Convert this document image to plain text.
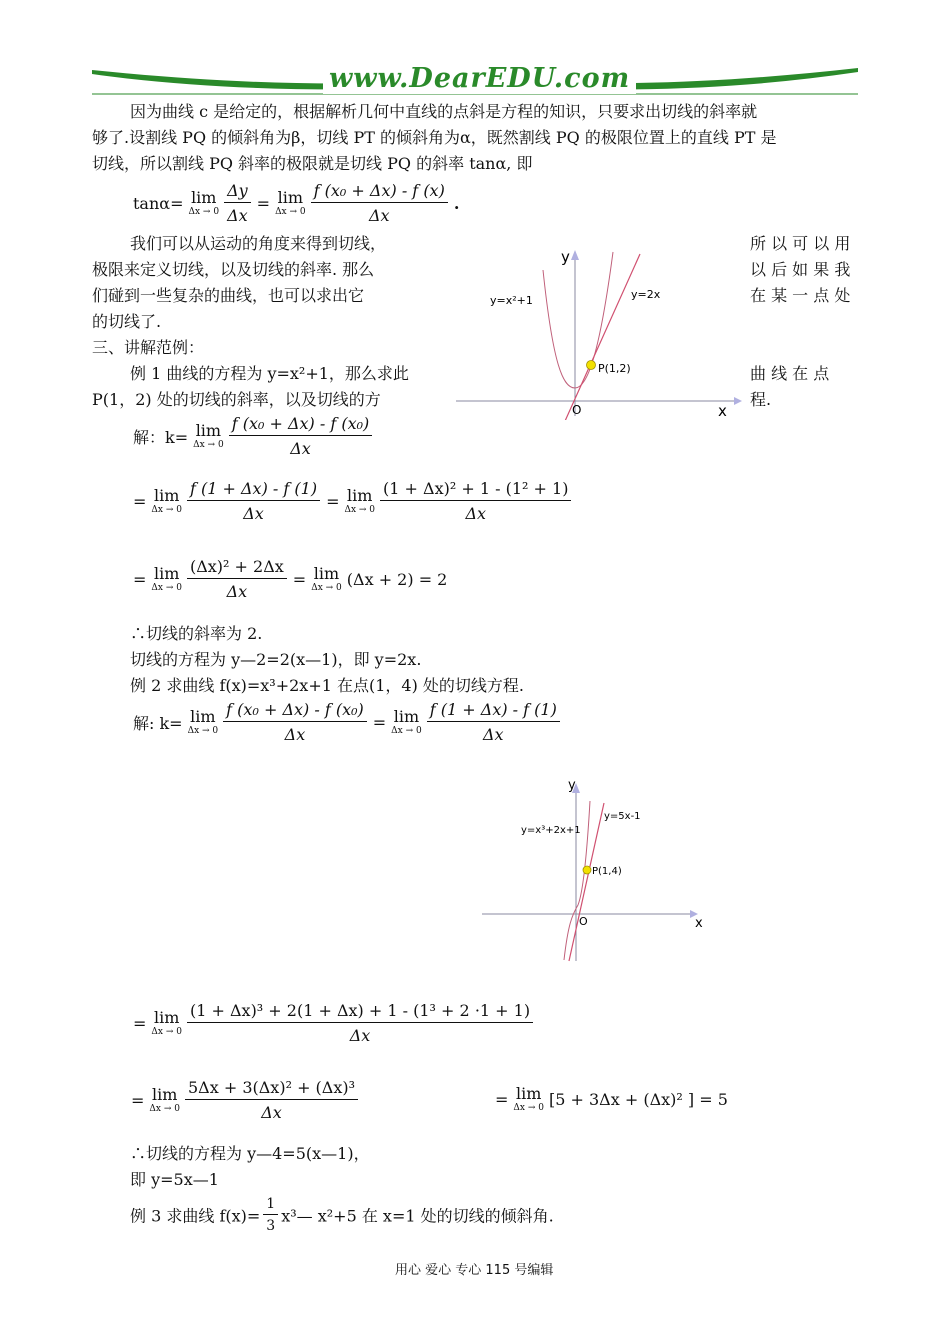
www.DearEDU.com
因为曲线 c 是给定的，根据解析几何中直线的点斜是方程的知识，只要求出切线的斜率就
够了.设割线 PQ 的倾斜角为β，切线 PT 的倾斜角为α，既然割线 PQ 的极限位置上的直线 PT 是
切线，所以割线 PQ 斜率的极限就是切线 PQ 的斜率 tanα, 即
tanα= lim
$\Delta x \to 0 \frac{\Delta y}{\Delta x} = \lim$
$\Delta x \to 0 \frac{\text{f (x₀ + Δx) - f (x)}}{\Delta x}$ .
我们可以从运动的角度来得到切线，
极限来定义切线，以及切线的斜率. 那么
们碰到一些复杂的曲线，也可以求出它
的切线了.
所 以 可 以 用
以 后 如 果 我
在 某 一 点 处
三、讲解范例：
例 1 曲线的方程为 y=x²+1，那么求此
P(1，2) 处的切线的斜率，以及切线的方
曲 线 在 点
程.
y
x
O
y=x²+1	y=2x
P(1,2)
解：k= lim
$\Delta x \to 0 \frac{\text{f (x₀ + Δx) - f (x₀)}}{\Delta x}$
= lim
$\Delta x \to 0 \frac{f (1 + \Delta x) - f (1)}{\Delta x} = \lim$
$\Delta x \to 0 \frac{\text{(1 + Δx)² + 1 - (1² + 1)}}{\Delta x}$
= lim
$\Delta x \to 0 \frac{\text{(Δx)² + 2Δx}}{\Delta x} = \lim$
Δx → 0 (Δx + 2) = 2
∴切线的斜率为 2.
切线的方程为 y—2=2(x—1)，即 y=2x.
例 2 求曲线 f(x)=x³+2x+1 在点(1，4) 处的切线方程.
解: k= lim
$\Delta x \to 0 \frac{\text{f (x₀ + Δx) - f (x₀)}}{\Delta x} = \lim$
$\Delta x \to 0 \frac{f (1 + \Delta x) - f (1)}{\Delta x}$
y
x
O
y=x³+2x+1
y=5x-1
P(1,4)
= lim
$\Delta x \to 0 \frac{\text{(1 + Δx)³ + 2(1 + Δx) + 1 - (1³ + 2 ·1 + 1)}}{\Delta x}$
= lim
$\Delta x \to 0 \frac{\text{5Δx + 3(Δx)² + (Δx)³}}{\Delta x}$	= lim
Δx → 0 [5 + 3Δx + (Δx)² ] = 5
∴切线的方程为 y—4=5(x—1)，
即 y=5x—1
例 3 求曲线 $f(x)= \frac{1}{3}$ x³— x²+5 在 x=1 处的切线的倾斜角.
用心 爱心 专心 115 号编辑
